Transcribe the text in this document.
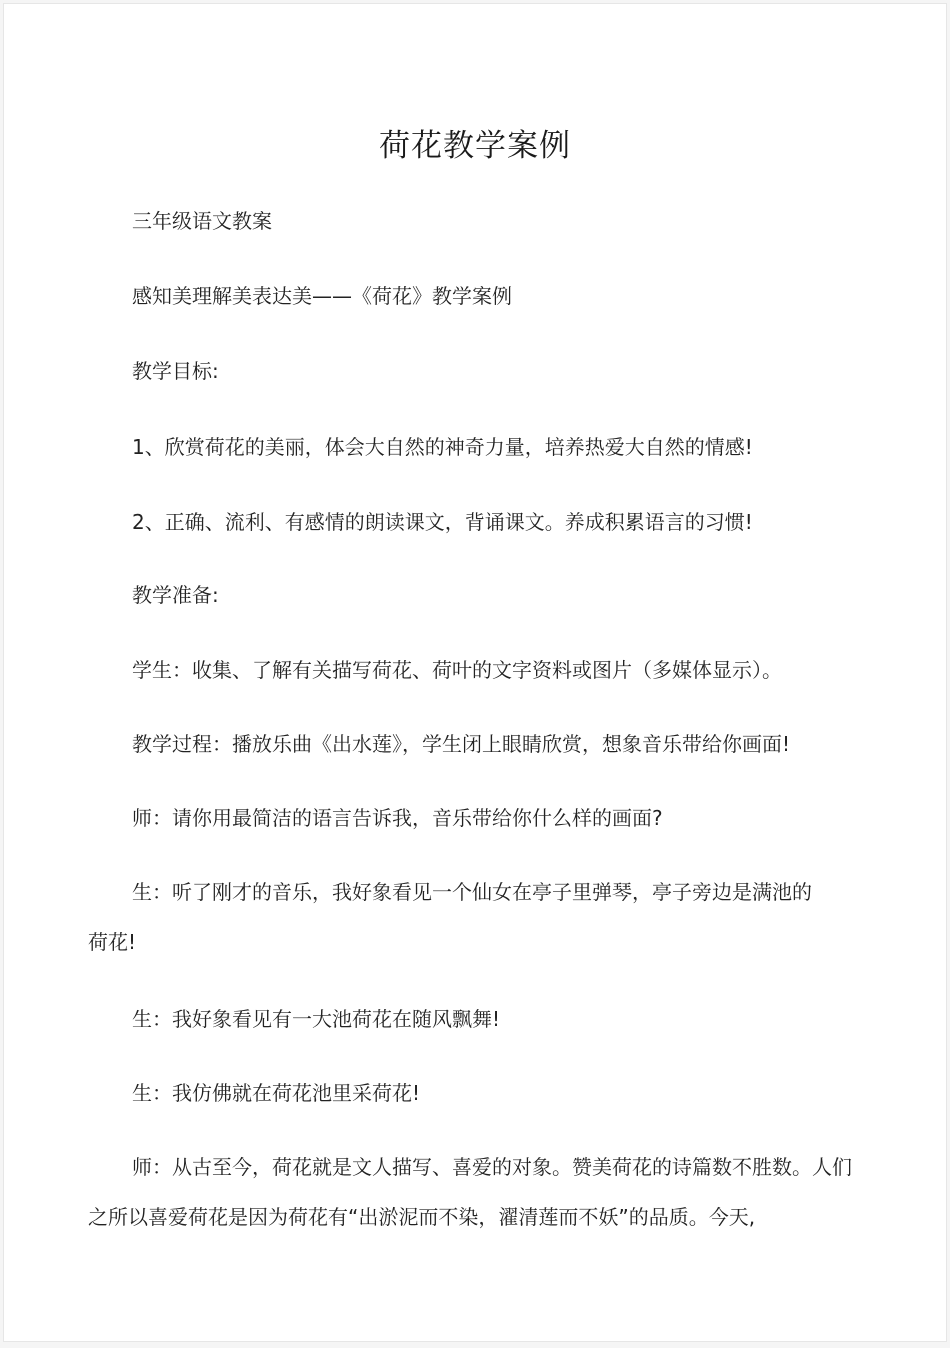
荷花教学案例
三年级语文教案
感知美理解美表达美——《荷花》教学案例
教学目标:
1、欣赏荷花的美丽，体会大自然的神奇力量，培养热爱大自然的情感!
2、正确、流利、有感情的朗读课文，背诵课文。养成积累语言的习惯!
教学准备:
学生：收集、了解有关描写荷花、荷叶的文字资料或图片（多媒体显示）。
教学过程：播放乐曲《出水莲》，学生闭上眼睛欣赏，想象音乐带给你画面!
师：请你用最简洁的语言告诉我，音乐带给你什么样的画面?
生：听了刚才的音乐，我好象看见一个仙女在亭子里弹琴，亭子旁边是满池的荷花!
生：我好象看见有一大池荷花在随风飘舞!
生：我仿佛就在荷花池里采荷花!
师：从古至今，荷花就是文人描写、喜爱的对象。赞美荷花的诗篇数不胜数。人们之所以喜爱荷花是因为荷花有“出淤泥而不染，濯清莲而不妖”的品质。今天,
